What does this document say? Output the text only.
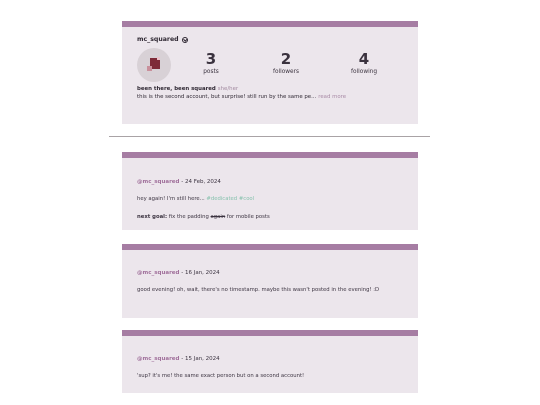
mc_squared
3
posts
2
followers
4
following
been there, been squared she/her
this is the second account, but surprise! still run by the same pe... read more
@mc_squared - 24 Feb, 2024
hey again! I'm still here... #dedicated #cool
next goal: fix the padding again for mobile posts
@mc_squared - 16 Jan, 2024
good evening! oh, wait, there's no timestamp. maybe this wasn't posted in the evening! :D
@mc_squared - 15 Jan, 2024
'sup? it's me! the same exact person but on a second account!
